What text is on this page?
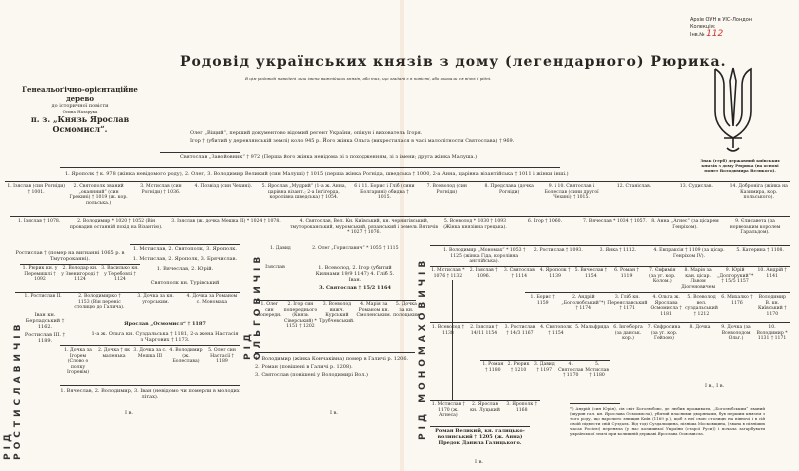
Родовід українських князів з дому (легендарного) Рюрика.
В цім родоводі наведені лиш імена важнійших князів, або тих, що згадані є в повісті, або оказали ся вічнє і рідні.
Генеальоґічно-орієнтаційне дерево
до історичної повісти
Осипа Назарука
п. з. „Князь Ярослав Осмомисл“.
Архів ОУН в УІС-Лондон
Колекція:
Інв.№ 112
Знак (герб) державний київських князів з дому Рюрика (на основі монет Володимира Великого).
Олег „Віщий“, перший документово відомий регент України, опікун і вихователь Ігоря.
Ігор † (убитий у деревлянській землі) коло 945 р. Його жінка Ольга (вихрестилася в часі малолітности Святослава) † 969.
Святослав „Завойовник“ † 972 (Перша його жінка невідома зі з походженням, зі з імени; друга жінка Малуша.)
1. Ярополк † к. 978 (жінка невідомого роду), 2. Олег, 3. Володимир Великий (син Малуші) † 1015 (перша жінка Рогніда, шведська † 1000, 2-а Анна, царівна візантійська † 1011 і жінки інші.)
1. Ізяслав (син Рогніди) † 1001.
2. Святополк званий „окаянний“ (син Грекині) † 1019 (ж. кор. польська.)
3. Мстислав (син Рогніди) † 1036.
4. Позвізд (син Чехині).	5. Ярослав „Мудрий“ (1-а ж. Анна, царівна візант.; 2-а Інґіґерда, королівна шведська) † 1054.
6 і 11. Борис і Гліб (сини Болгарині) обидва † 1015.
7. Всеволод (син Рогніди)
8. Предслава (дочка Рогніди)
9. і 10. Святослав і Болеслав (сини другої Чехині) † 1015.
12. Станіслав.	13. Судислав.	14. Доброніга (жінка на Казимира, кор. польського).
1. Ізяслав † 1078.	2. Володимир * 1020 † 1052 (Він провадив останній похід на Візантію).
3. Ізяслав (ж. дочка Мешка II) * 1024 † 1078.	4. Святослав, Вел. Кн. Київський, кн. чернигівський, тмутороканський, муромський, рязанський і земель Вятичів * 1027 † 1076.
5. Всеволод * 1030 † 1093 (Жінка князівна грецька).
6. Ігор † 1060.	7. Вячеслав * 1034 † 1057. 8. Анна „Агнес“ (за цісарем Генріхом).
9. Єлисавета (за норвезьким королем Гаральдом).
1. Володимир „Мономах“ * 1053 † 1125 (жінка Гіда, королівна англійська).
2. Ростислав † 1093.	3. Янка † 1112.	4. Евпраксія † 1109 (за цісар. Генріхом IV).
5. Катерина † 1108.
Ростислав † (помер на вигнанні 1065 р. в Тмутороканні).
1. Рюрик кн. у Перемишлі † 1092
2. Володар кн. у Звенигороді † 1124
3. Василько кн. у Теребовлі † 1124
1. Ростислав II.	2. Володимирко † 1153 (Він переніс столицю до Галича).
3. Дочка за кн. угорським.
4. Дочка за Романом с. Мономаха
Іван кн. Берладський † 1162.
Ростислав III. † 1189.
Ярослав „Осмомисл“ † 1187
1-а ж. Ольга кн. Суздальська † 1181, 2-а жена Настасія з Чаргових † 1173.
1. Дочка за Ігорем (Слово о полку Ігоревім)
2. Дочка † як маленька
3. Дочка за с. Мешка III
4. Володимир (ж. Болеслава)
5. Олег син Настасії † 1189
1. Вячеслав, 2. Володимир, 3. Іван (невідомо чи померли в молодих літах).
1. Мстислав, 2. Святополк, 3. Ярополк.
1. Мстислав, 2. Ярополк, 3. Брячислав.
1. Вячеслав, 2. Юрій.
Святополк кн. Турівський
1. Давид	2. Олег „Гориславич“ * 1055 † 1115
Ізяслав	1. Всеволод, 2. Ігор (убитий Киянами 19/9 1147) 4. Гліб 5. Іван.
3. Святослав † 15/2 1164
1. Олег син попередн.
2. Ігор син попереднього (Князь Сіверський) * 1151 † 1202
3. Всеволод вижч. Курський Трубчевський.
4. Марія за Романом кн. Смоленським.
5. Дочка за кн. полоцьким
1. Володимир (жінка Кончаківна) помер в Галичі р. 1206.
2. Роман (повішені в Галичі р. 1208).
3. Святослав (повішені у Володимирі Вол.)
1. Мстислав * 1076 † 1132
2. Ізяслав † 1096.
3. Святослав † 1114
4. Ярополк † 1139
5. Вячеслав † 1154
6. Роман † 1119
7. Євфимія (за уг. кор. Колом.)
8. Марія за кан. цісар. Львом Діогеновичем
9. Юрій „Долгорукий“* † 15/5 1157
10. Андрій † 1141
1. Борис † 1159
2. Андрій „Боголюбський“*) † 1174
3. Гліб кн. Переяславський † 1171
4. Ольга ж. Ярослава Осмомисла † 1181
5. Всеволод вел. суздальський † 1212
6. Михалко † 1176
Володимир В. кн. Київський † 1170
1. Всеволод † 1138
2. Ізяслав † 14/11 1154
3. Ростислав † 14/3 1167
4. Святополк † 1154
5. Мальфрида 6. Інгеборга (за данськ. кор.)
7. Євфросина (за уг. кор. Гейзою)
8. Дочка	9. Дочка (за Всеволодом Ольг.)
10. Володимир * 1131 † 1171
1. Роман † 1180
2. Рюрик † 1210
3. Давид † 1197
4. Святослав † 1170
5. Мстислав † 1180
1. Мстислав † 1170 (ж. Агнеса)
2. Ярослав кн. Луцький
3. Ярополк † 1168
Роман Великий, кн. галицько-волинський † 1205 (ж. Анна) Предок Данила Галицького.
РІД РОСТИСЛАВИЧІВ	РІД ОЛЬГОВИЧІВ	РІД МОНОМАХОВИЧІВ
І в.
І в., І в.
І в.
І в.
*) Андрій (син Юрія), сів світ Боголюбово, де любив проживати, „Боголюбським“ званий (шурин гал. кн. Ярослава Осмомисла), убитий власними дворянами, був першим князем з того роду, що нарочито знищив Київ (1169 р.), щоб з неї свою столицю на півночі і в сій своїй підвести свій Суздаль. Від тоді Суздальщина, пізніша Московщина, (звана в пізніших часах Росією) переняла (у нас колишньої України (старої Руси)) і почала загарбувати української землі при колишній державі Ярослава Осмомисла.
